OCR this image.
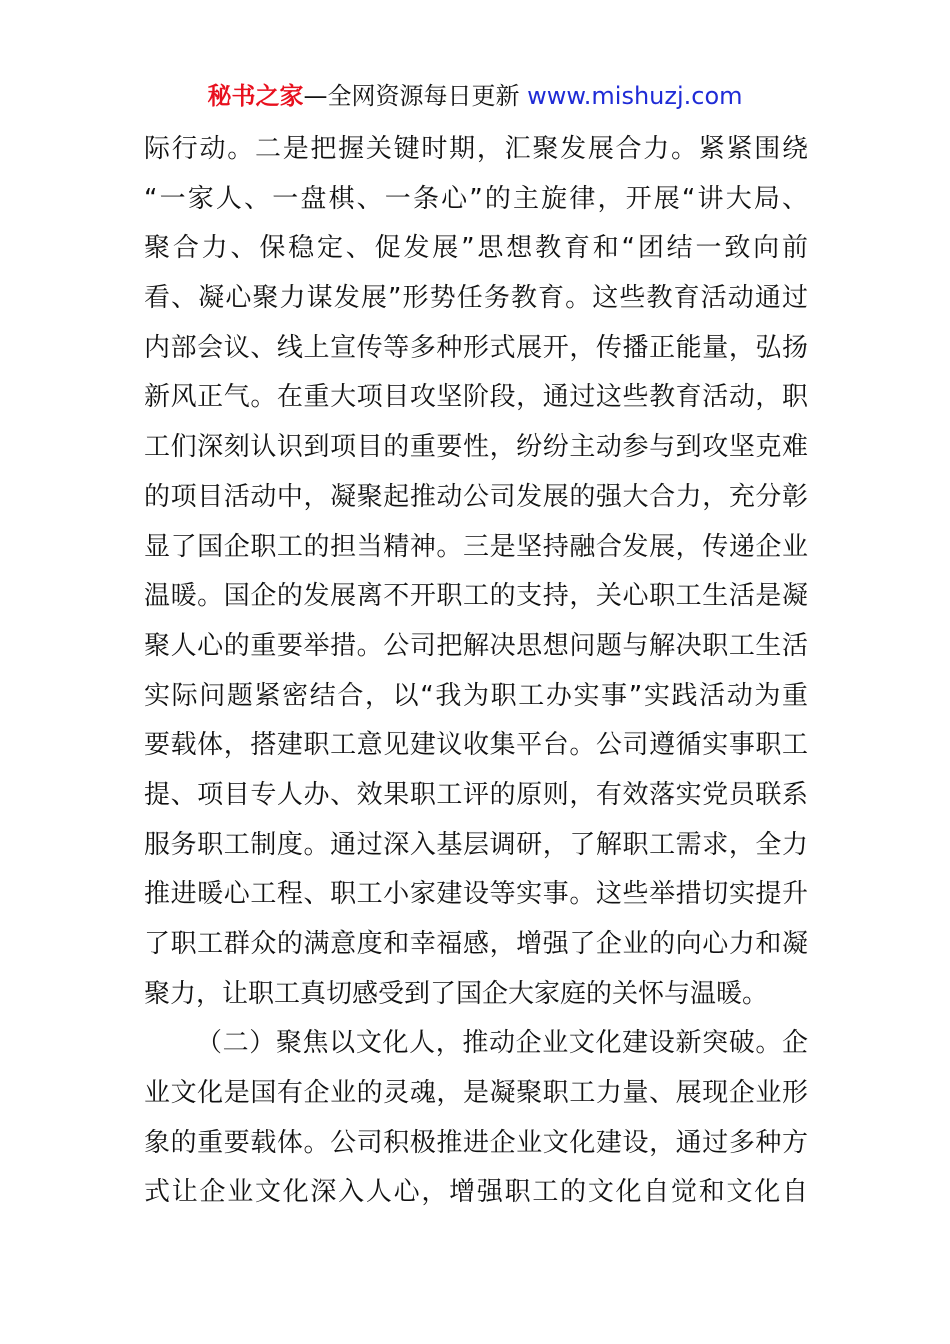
秘书之家—全网资源每日更新 www.mishuzj.com
际行动。二是把握关键时期，汇聚发展合力。紧紧围绕
“一家人、一盘棋、一条心”的主旋律，开展“讲大局、
聚合力、保稳定、促发展”思想教育和“团结一致向前
看、凝心聚力谋发展”形势任务教育。这些教育活动通过
内部会议、线上宣传等多种形式展开，传播正能量，弘扬
新风正气。在重大项目攻坚阶段，通过这些教育活动，职
工们深刻认识到项目的重要性，纷纷主动参与到攻坚克难
的项目活动中，凝聚起推动公司发展的强大合力，充分彰
显了国企职工的担当精神。三是坚持融合发展，传递企业
温暖。国企的发展离不开职工的支持，关心职工生活是凝
聚人心的重要举措。公司把解决思想问题与解决职工生活
实际问题紧密结合，以“我为职工办实事”实践活动为重
要载体，搭建职工意见建议收集平台。公司遵循实事职工
提、项目专人办、效果职工评的原则，有效落实党员联系
服务职工制度。通过深入基层调研，了解职工需求，全力
推进暖心工程、职工小家建设等实事。这些举措切实提升
了职工群众的满意度和幸福感，增强了企业的向心力和凝
聚力，让职工真切感受到了国企大家庭的关怀与温暖。
（二）聚焦以文化人，推动企业文化建设新突破。企
业文化是国有企业的灵魂，是凝聚职工力量、展现企业形
象的重要载体。公司积极推进企业文化建设，通过多种方
式让企业文化深入人心，增强职工的文化自觉和文化自
